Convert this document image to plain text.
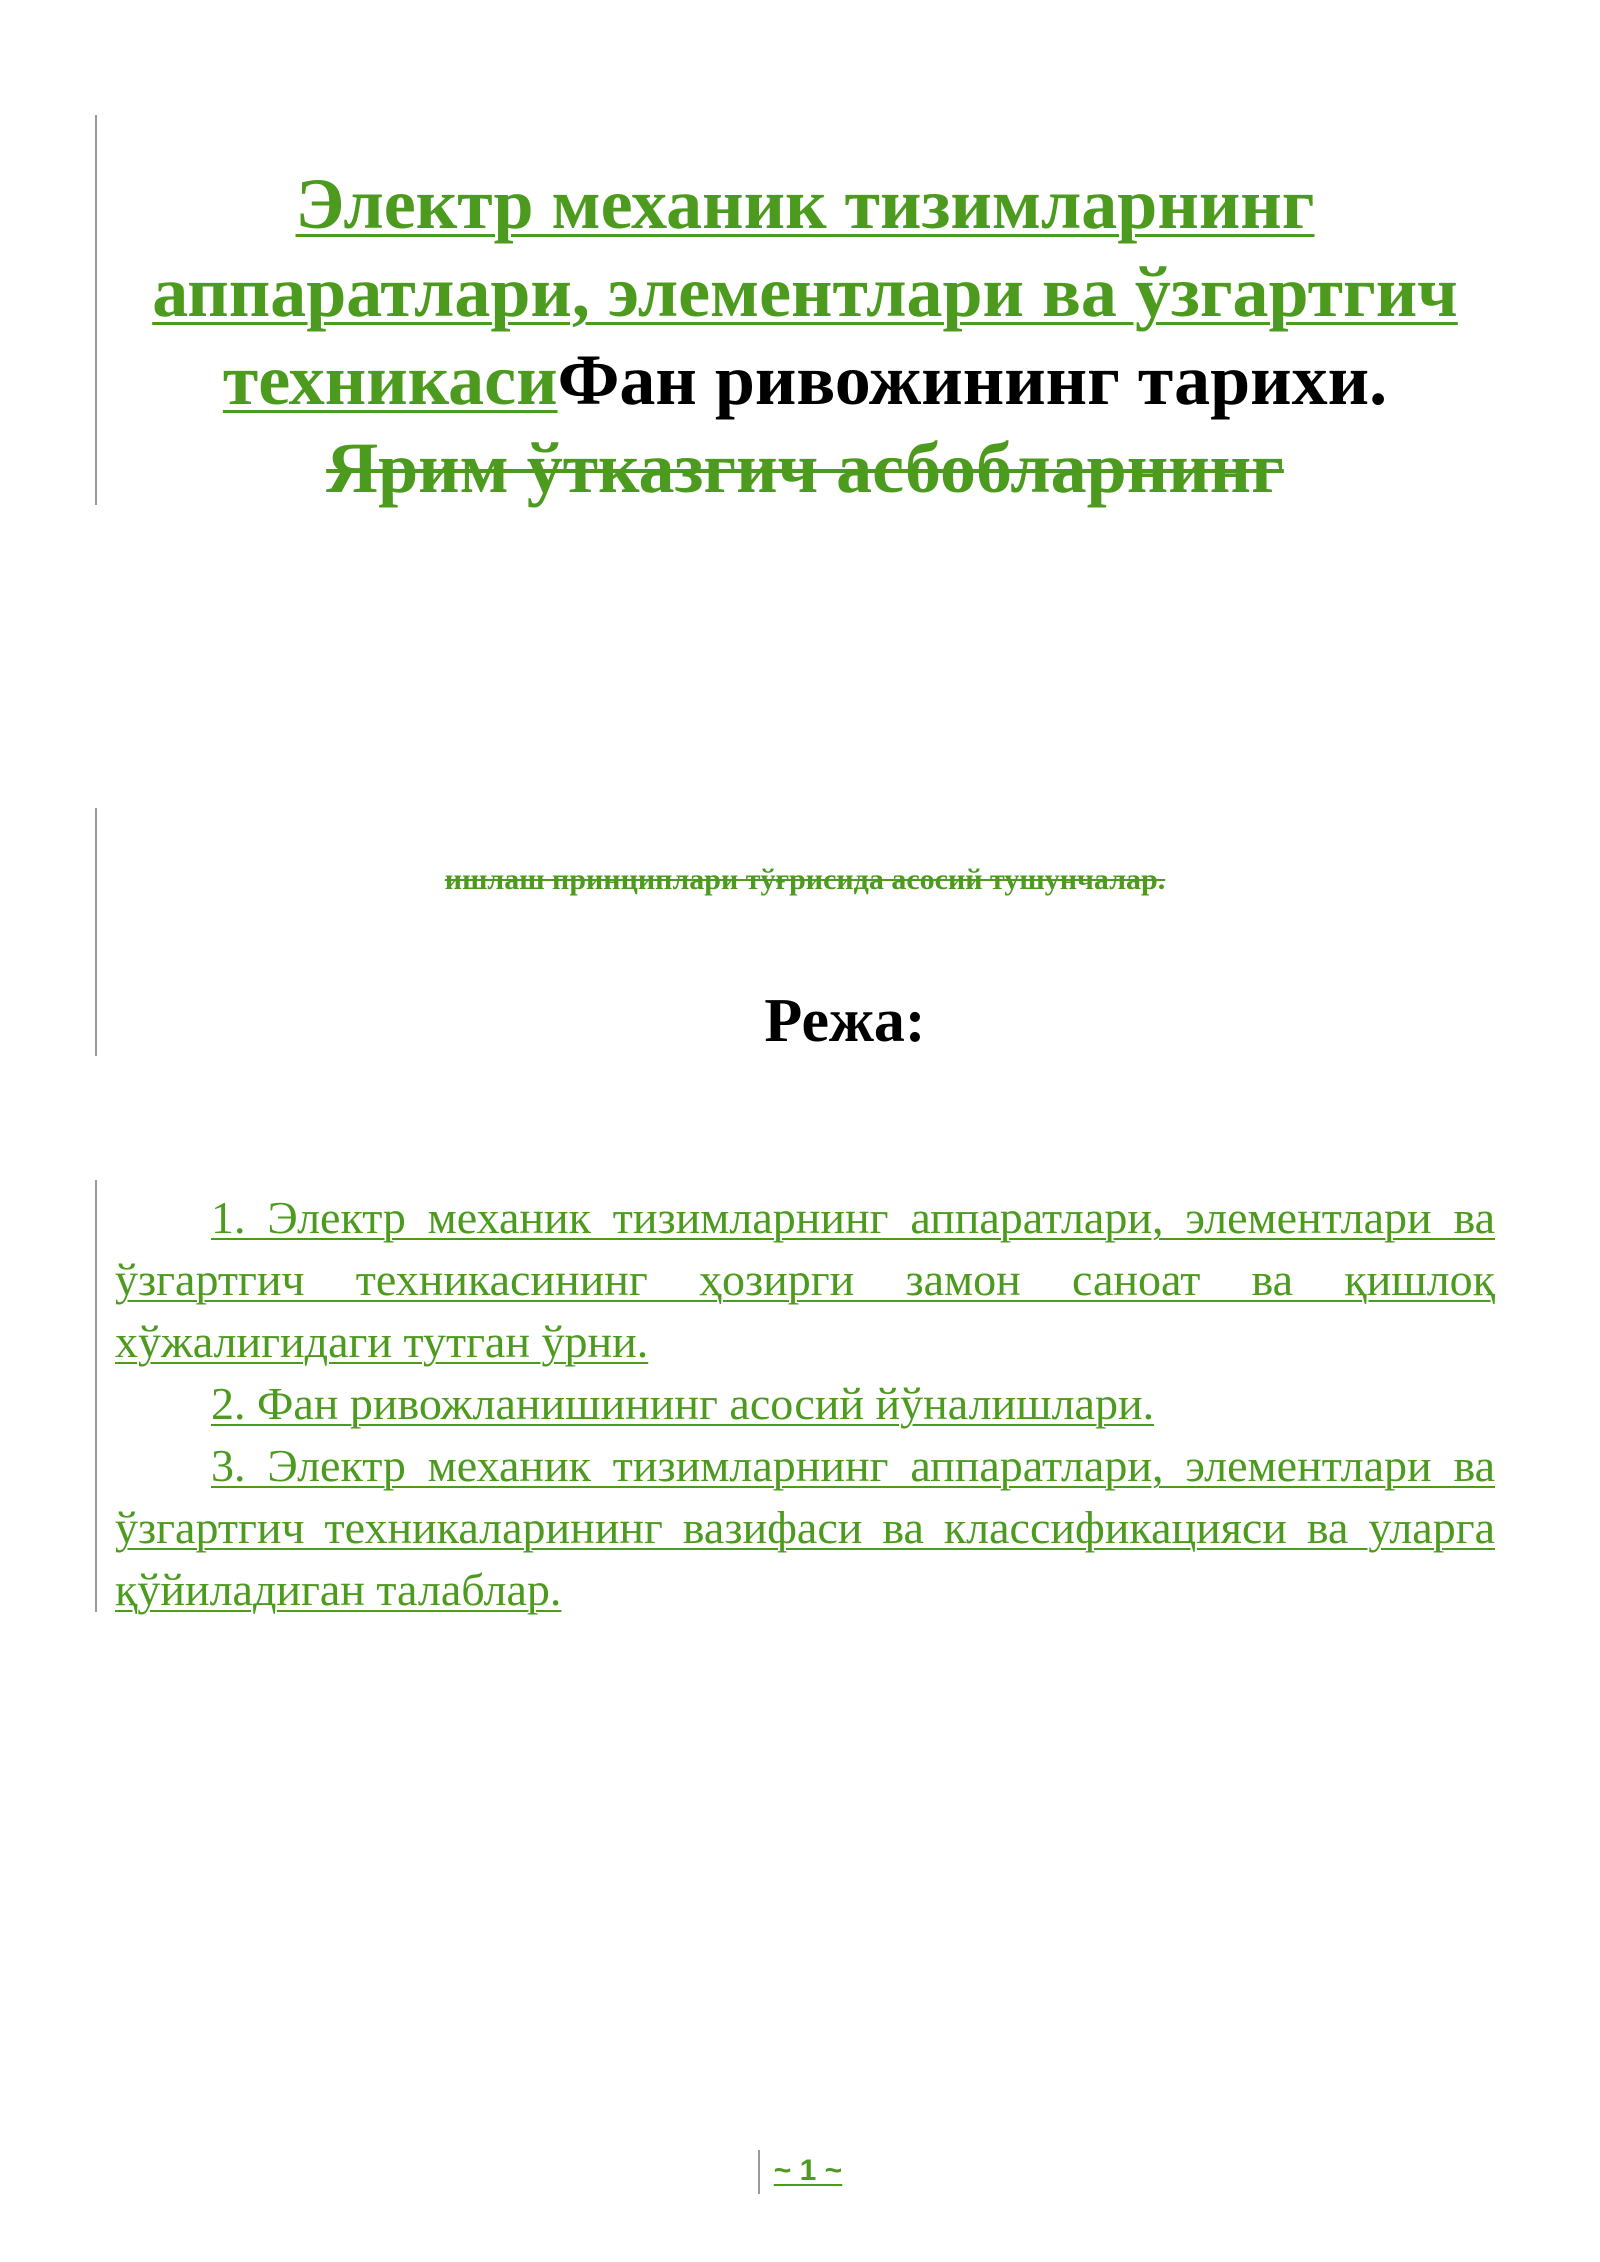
Электр механик тизимларнинг аппаратлари, элементлари ва ўзгартгич техникасиФан ривожининг тарихи. Ярим ўтказгич асбобларнинг

ишлаш принциплари тўғрисида асосий тушунчалар.

Режа:
1. Электр механик тизимларнинг аппаратлари, элементлари ва ўзгартгич техникасининг ҳозирги замон саноат ва қишлоқ хўжалигидаги тутган ўрни.
2. Фан ривожланишининг асосий йўналишлари.
3. Электр механик тизимларнинг аппаратлари, элементлари ва ўзгартгич техникаларининг вазифаси ва классификацияси ва уларга қўйиладиган талаблар.
~ 1 ~
